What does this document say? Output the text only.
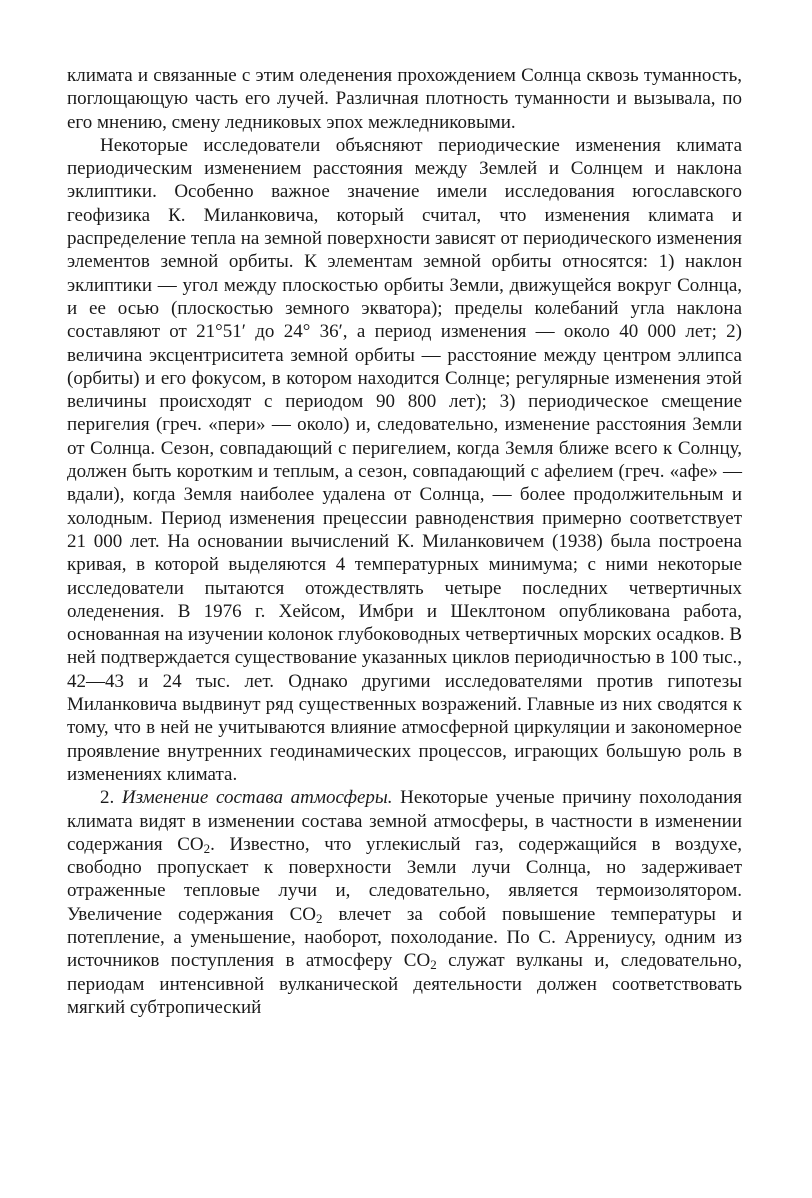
климата и связанные с этим оледенения прохождением Солнца сквозь туманность, поглощающую часть его лучей. Различная плотность туманности и вызывала, по его мнению, смену ледниковых эпох межледниковыми.

Некоторые исследователи объясняют периодические изменения климата периодическим изменением расстояния между Землей и Солнцем и наклона эклиптики. Особенно важное значение имели исследования югославского геофизика К. Миланковича, который считал, что изменения климата и распределение тепла на земной поверхности зависят от периодического изменения элементов земной орбиты. К элементам земной орбиты относятся: 1) наклон эклиптики — угол между плоскостью орбиты Земли, движущейся вокруг Солнца, и ее осью (плоскостью земного экватора); пределы колебаний угла наклона составляют от 21°51′ до 24° 36′, а период изменения — около 40 000 лет; 2) величина эксцентриситета земной орбиты — расстояние между центром эллипса (орбиты) и его фокусом, в котором находится Солнце; регулярные изменения этой величины происходят с периодом 90 800 лет); 3) периодическое смещение перигелия (греч. «пери» — около) и, следовательно, изменение расстояния Земли от Солнца. Сезон, совпадающий с перигелием, когда Земля ближе всего к Солнцу, должен быть коротким и теплым, а сезон, совпадающий с афелием (греч. «афе» — вдали), когда Земля наиболее удалена от Солнца, — более продолжительным и холодным. Период изменения прецессии равноденствия примерно соответствует 21 000 лет. На основании вычислений К. Миланковичем (1938) была построена кривая, в которой выделяются 4 температурных минимума; с ними некоторые исследователи пытаются отождествлять четыре последних четвертичных оледенения. В 1976 г. Хейсом, Имбри и Шеклтоном опубликована работа, основанная на изучении колонок глубоководных четвертичных морских осадков. В ней подтверждается существование указанных циклов периодичностью в 100 тыс., 42—43 и 24 тыс. лет. Однако другими исследователями против гипотезы Миланковича выдвинут ряд существенных возражений. Главные из них сводятся к тому, что в ней не учитываются влияние атмосферной циркуляции и закономерное проявление внутренних геодинамических процессов, играющих большую роль в изменениях климата.

2. Изменение состава атмосферы. Некоторые ученые причину похолодания климата видят в изменении состава земной атмосферы, в частности в изменении содержания $CO_2$. Известно, что углекислый газ, содержащийся в воздухе, свободно пропускает к поверхности Земли лучи Солнца, но задерживает отраженные тепловые лучи и, следовательно, является термоизолятором. Увеличение содержания $CO_2$ влечет за собой повышение температуры и потепление, а уменьшение, наоборот, похолодание. По С. Аррениусу, одним из источников поступления в атмосферу $CO_2$ служат вулканы и, следовательно, периодам интенсивной вулканической деятельности должен соответствовать мягкий субтропический
